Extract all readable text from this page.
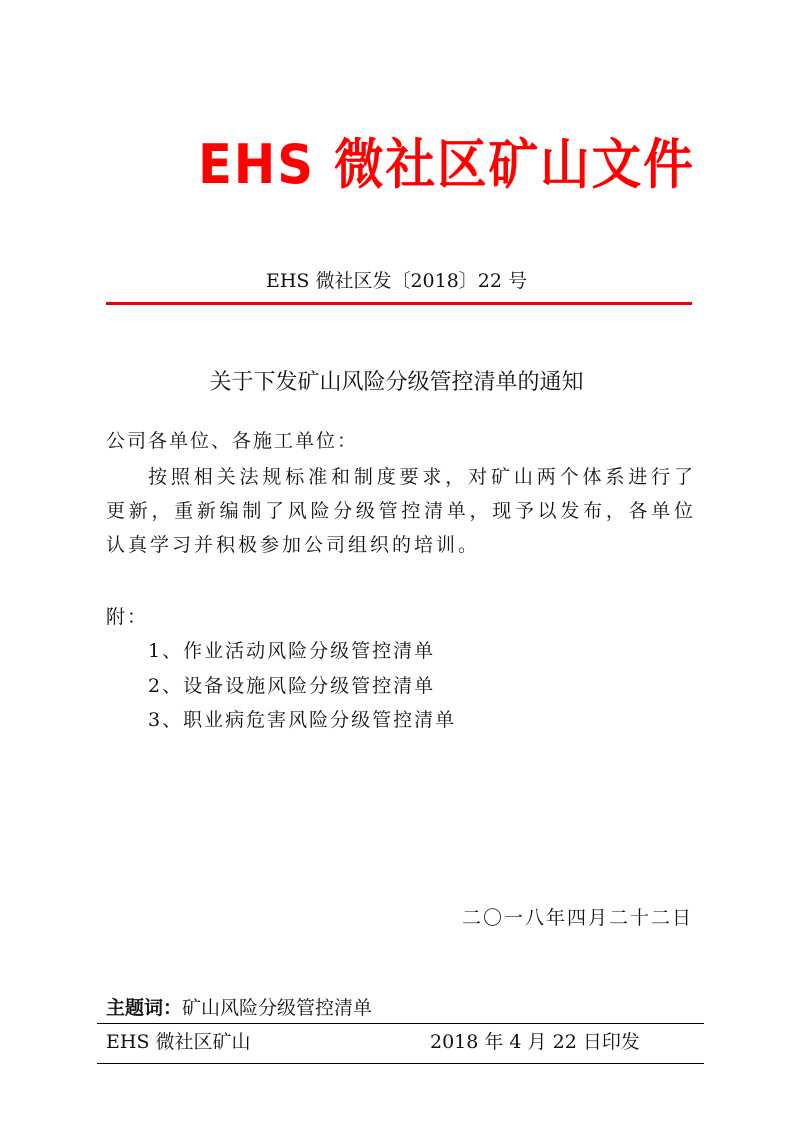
EHS 微社区矿山文件
EHS 微社区发〔2018〕22 号
关于下发矿山风险分级管控清单的通知
公司各单位、各施工单位：
按照相关法规标准和制度要求，对矿山两个体系进行了更新，重新编制了风险分级管控清单，现予以发布，各单位认真学习并积极参加公司组织的培训。
附：
1、作业活动风险分级管控清单
2、设备设施风险分级管控清单
3、职业病危害风险分级管控清单
二〇一八年四月二十二日
主题词：矿山风险分级管控清单
EHS 微社区矿山	2018 年 4 月 22 日印发
